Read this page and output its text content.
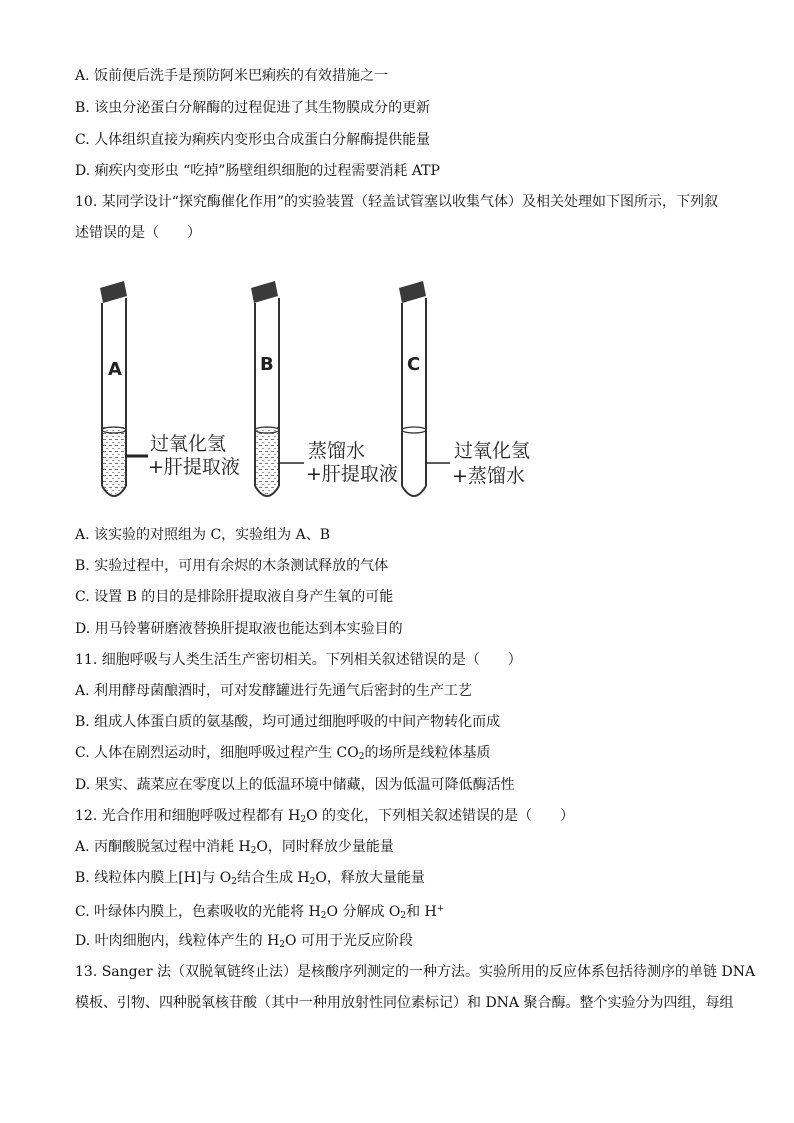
A. 饭前便后洗手是预防阿米巴痢疾的有效措施之一
B. 该虫分泌蛋白分解酶的过程促进了其生物膜成分的更新
C. 人体组织直接为痢疾内变形虫合成蛋白分解酶提供能量
D. 痢疾内变形虫 “吃掉”肠壁组织细胞的过程需要消耗 ATP
10. 某同学设计“探究酶催化作用”的实验装置（轻盖试管塞以收集气体）及相关处理如下图所示，下列叙
述错误的是（　　）
A
过氧化氢
+肝提取液
B
蒸馏水
+肝提取液
C
过氧化氢
+蒸馏水
A. 该实验的对照组为 C，实验组为 A、B
B. 实验过程中，可用有余烬的木条测试释放的气体
C. 设置 B 的目的是排除肝提取液自身产生氧的可能
D. 用马铃薯研磨液替换肝提取液也能达到本实验目的
11. 细胞呼吸与人类生活生产密切相关。下列相关叙述错误的是（　　）
A. 利用酵母菌酿酒时，可对发酵罐进行先通气后密封的生产工艺
B. 组成人体蛋白质的氨基酸，均可通过细胞呼吸的中间产物转化而成
C. 人体在剧烈运动时，细胞呼吸过程产生 $CO_2$的场所是线粒体基质
D. 果实、蔬菜应在零度以上的低温环境中储藏，因为低温可降低酶活性
12. 光合作用和细胞呼吸过程都有 $H_2O$ 的变化，下列相关叙述错误的是（　　）
A. 丙酮酸脱氢过程中消耗 $H_2O$，同时释放少量能量
B. 线粒体内膜上[H]与 $O_2$结合生成 $H_2O$，释放大量能量
C. 叶绿体内膜上，色素吸收的光能将 $H_2O$ 分解成 $O_2$和 H+
D. 叶肉细胞内，线粒体产生的 $H_2O$ 可用于光反应阶段
13. Sanger 法（双脱氧链终止法）是核酸序列测定的一种方法。实验所用的反应体系包括待测序的单链 DNA
模板、引物、四种脱氧核苷酸（其中一种用放射性同位素标记）和 DNA 聚合酶。整个实验分为四组，每组
